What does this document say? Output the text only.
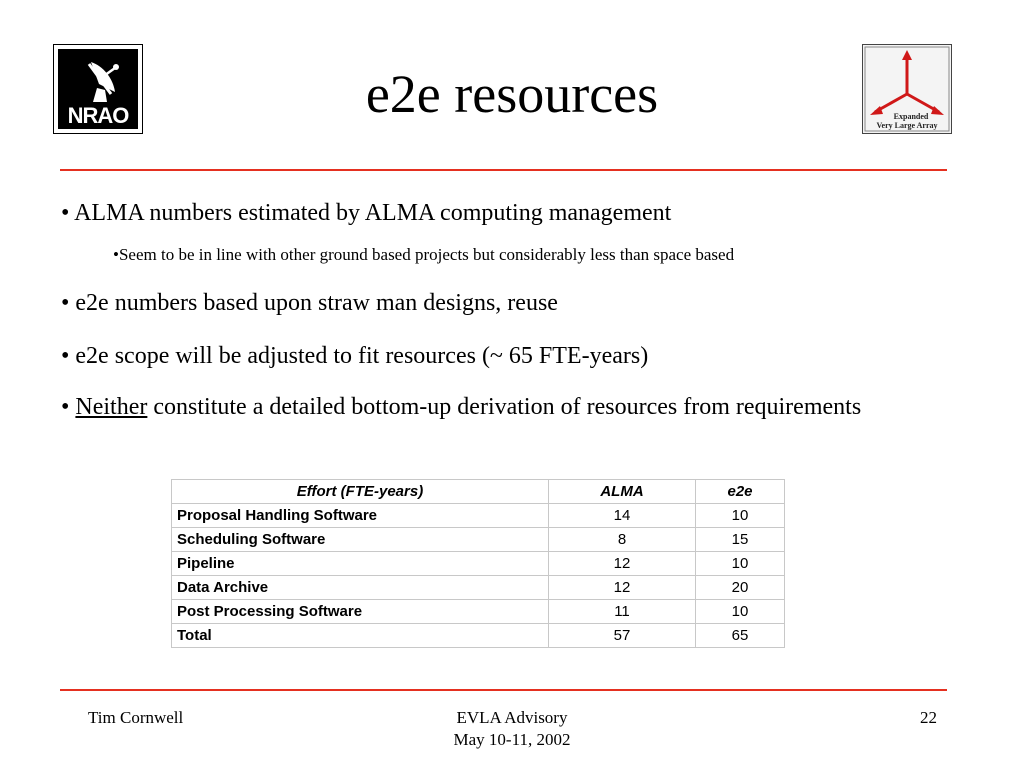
NRAO	e2e resources	Expanded
Very Large Array
• ALMA numbers estimated by ALMA computing management
•Seem to be in line with other ground based projects but considerably less than space based
• e2e numbers based upon straw man designs, reuse
• e2e scope will be adjusted to fit resources (~ 65 FTE-years)
• Neither constitute a detailed bottom-up derivation of resources from requirements
Effort (FTE-years)	ALMA	e2e
Proposal Handling Software	14	10
Scheduling Software	8	15
Pipeline	12	10
Data Archive	12	20
Post Processing Software	11	10
Total	57	65
Tim Cornwell	EVLA Advisory
May 10-11, 2002
22
